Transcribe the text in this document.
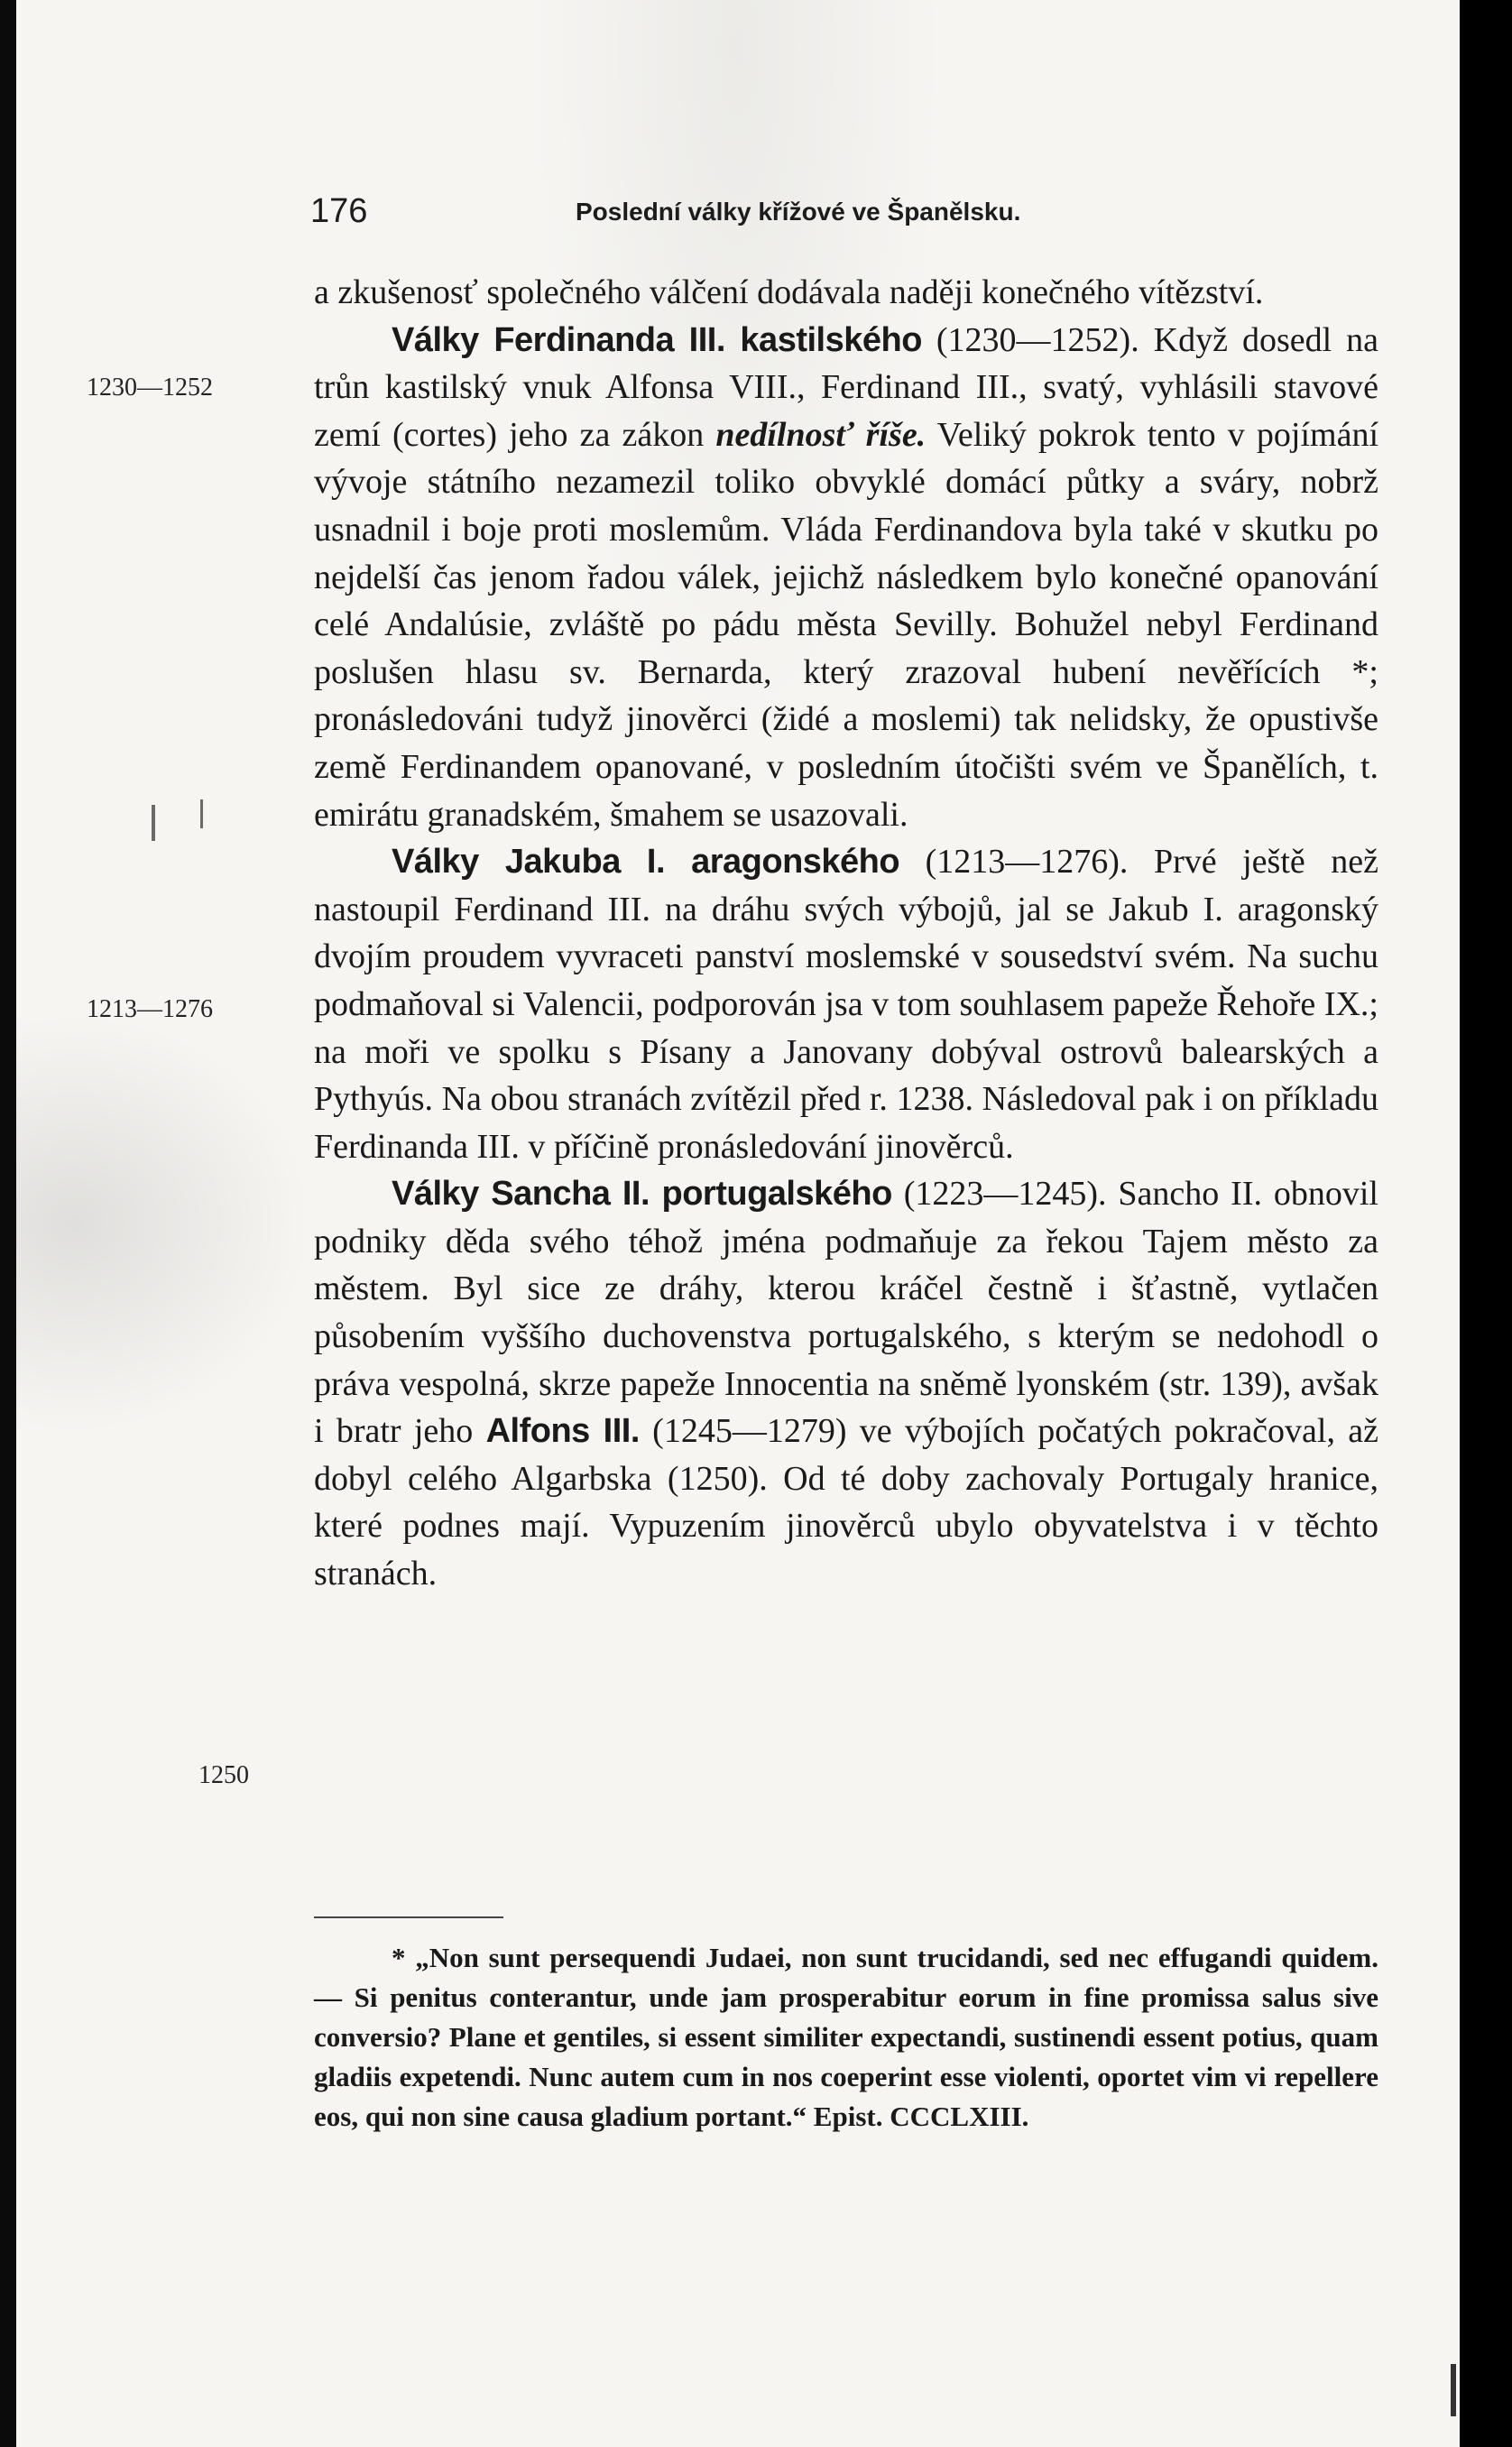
176	Poslední války křížové ve Španělsku.
1230—1252
1213—1276
1250

a zkušenosť společného válčení dodávala naději konečného vítězství.

Války Ferdinanda III. kastilského (1230—1252). Když dosedl na trůn kastilský vnuk Alfonsa VIII., Ferdinand III., svatý, vyhlásili stavové zemí (cortes) jeho za zákon nedílnosť říše. Veliký pokrok tento v pojímání vývoje státního nezamezil toliko obvyklé domácí půtky a sváry, nobrž usnadnil i boje proti moslemům. Vláda Ferdinandova byla také v skutku po nejdelší čas jenom řadou válek, jejichž následkem bylo konečné opanování celé Andalúsie, zvláště po pádu města Sevilly. Bohužel nebyl Ferdinand poslušen hlasu sv. Bernarda, který zrazoval hubení nevěřících *; pronásledováni tudyž jinověrci (židé a moslemi) tak nelidsky, že opustivše země Ferdinandem opanované, v posledním útočišti svém ve Španělích, t. emirátu granadském, šmahem se usazovali.

Války Jakuba I. aragonského (1213—1276). Prvé ještě než nastoupil Ferdinand III. na dráhu svých výbojů, jal se Jakub I. aragonský dvojím proudem vyvraceti panství moslemské v sousedství svém. Na suchu podmaňoval si Valencii, podporován jsa v tom souhlasem papeže Řehoře IX.; na moři ve spolku s Písany a Janovany dobýval ostrovů balearských a Pythyús. Na obou stranách zvítězil před r. 1238. Následoval pak i on příkladu Ferdinanda III. v příčině pronásledování jinověrců.

Války Sancha II. portugalského (1223—1245). Sancho II. obnovil podniky děda svého téhož jména podmaňuje za řekou Tajem město za městem. Byl sice ze dráhy, kterou kráčel čestně i šťastně, vytlačen působením vyššího duchovenstva portugalského, s kterým se nedohodl o práva vespolná, skrze papeže Innocentia na sněmě lyonském (str. 139), avšak i bratr jeho Alfons III. (1245—1279) ve výbojích počatých pokračoval, až dobyl celého Algarbska (1250). Od té doby zachovaly Portugaly hranice, které podnes mají. Vypuzením jinověrců ubylo obyvatelstva i v těchto stranách.

* „Non sunt persequendi Judaei, non sunt trucidandi, sed nec effugandi quidem. — Si penitus conterantur, unde jam prosperabitur eorum in fine promissa salus sive conversio? Plane et gentiles, si essent similiter expectandi, sustinendi essent potius, quam gladiis expetendi. Nunc autem cum in nos coeperint esse violenti, oportet vim vi repellere eos, qui non sine causa gladium portant.“ Epist. CCCLXIII.
